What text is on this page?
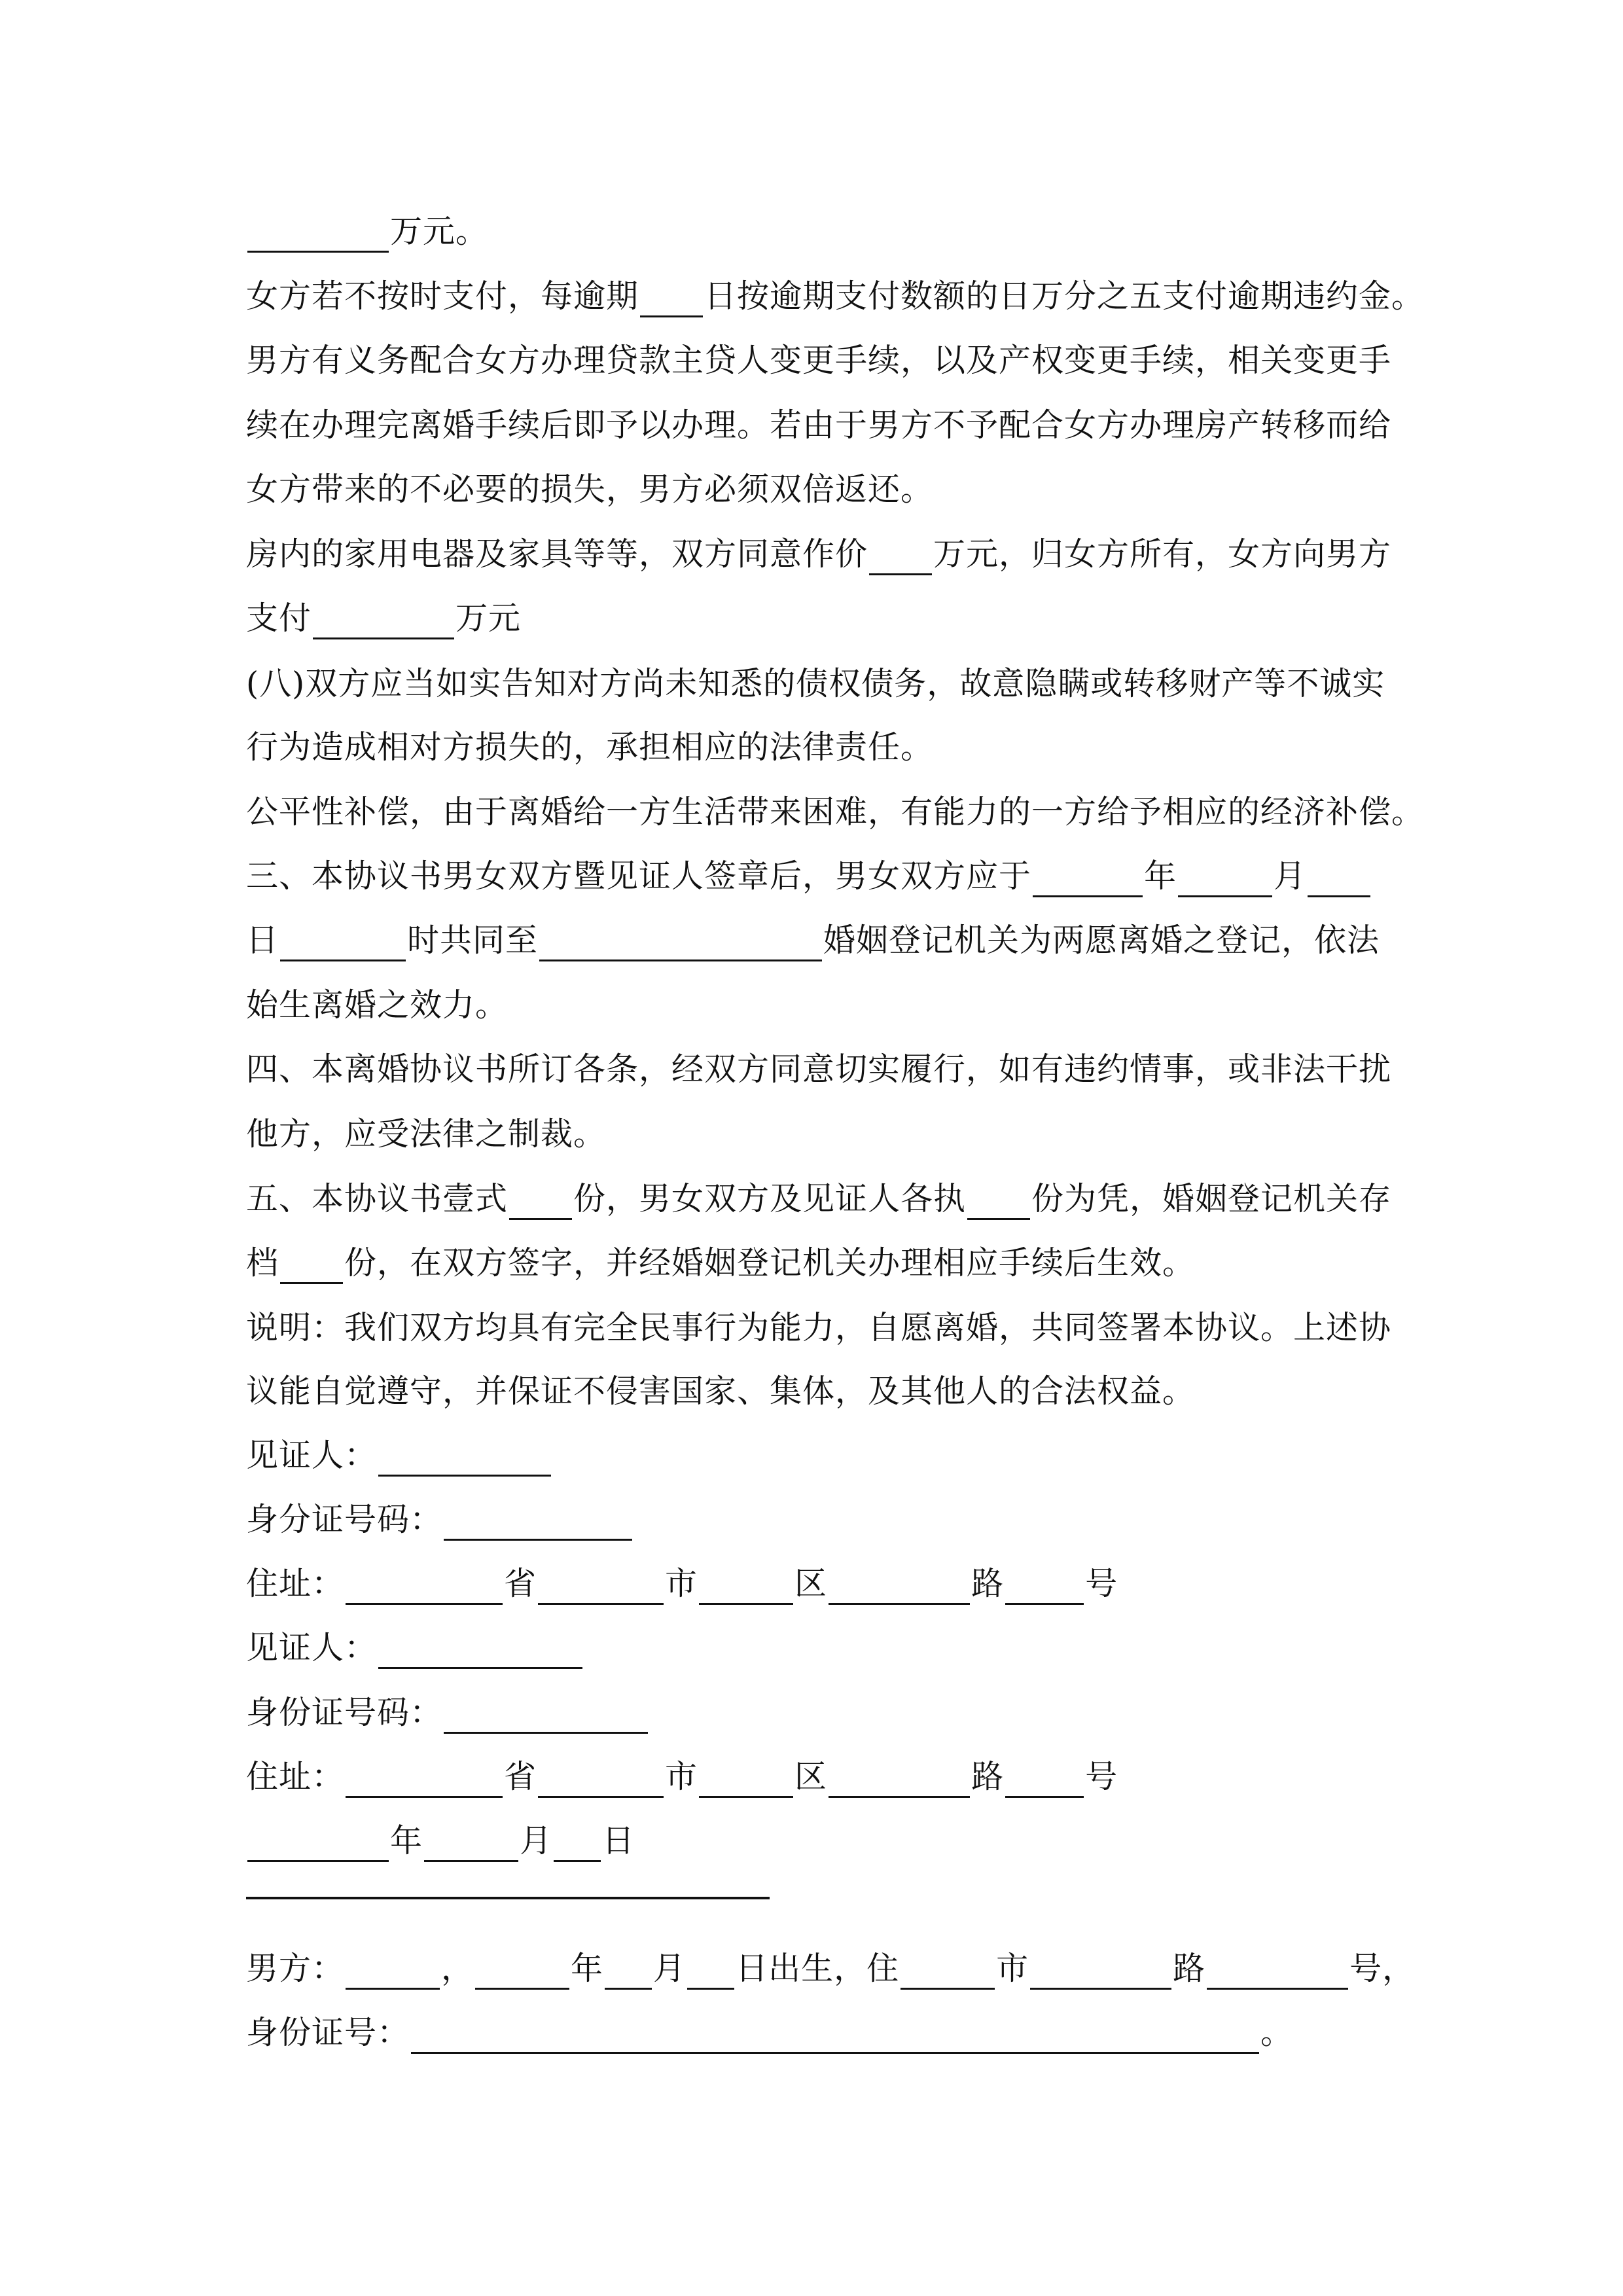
万元。
女方若不按时支付，每逾期 日按逾期支付数额的日万分之五支付逾期违约金。
男方有义务配合女方办理贷款主贷人变更手续，以及产权变更手续，相关变更手
续在办理完离婚手续后即予以办理。若由于男方不予配合女方办理房产转移而给
女方带来的不必要的损失，男方必须双倍返还。
房内的家用电器及家具等等，双方同意作价 万元，归女方所有，女方向男方
支付	万元
(八)双方应当如实告知对方尚未知悉的债权债务，故意隐瞒或转移财产等不诚实
行为造成相对方损失的，承担相应的法律责任。
公平性补偿，由于离婚给一方生活带来困难，有能力的一方给予相应的经济补偿。
三、本协议书男女双方暨见证人签章后，男女双方应于	年	月
日	时共同至	婚姻登记机关为两愿离婚之登记，依法
始生离婚之效力。
四、本离婚协议书所订各条，经双方同意切实履行，如有违约情事，或非法干扰
他方，应受法律之制裁。
五、本协议书壹式 份，男女双方及见证人各执 份为凭，婚姻登记机关存
档 份，在双方签字，并经婚姻登记机关办理相应手续后生效。
说明：我们双方均具有完全民事行为能力，自愿离婚，共同签署本协议。上述协
议能自觉遵守，并保证不侵害国家、集体，及其他人的合法权益。
见证人：
身分证号码：
住址：	省	市	区	路	号
见证人：
身份证号码：
住址：	省	市	区	路	号
年	月 日
男方：	，	年 月 日出生，住	市	路	号，
身份证号：	。
